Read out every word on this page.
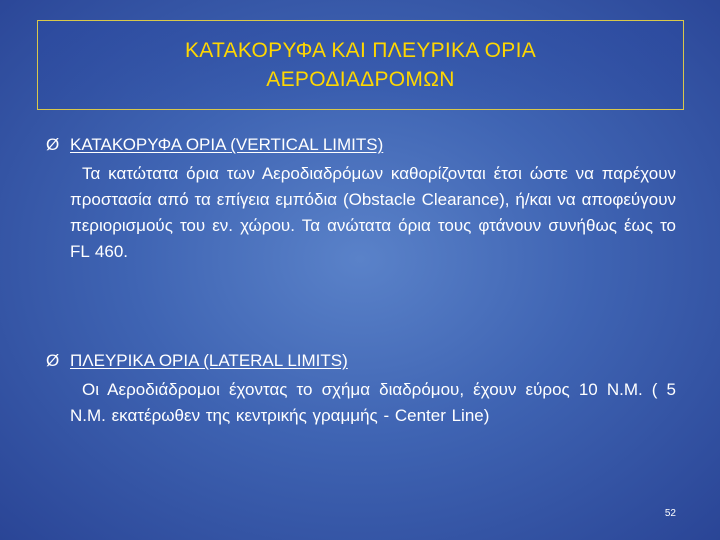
ΚΑΤΑΚΟΡΥΦΑ ΚΑΙ ΠΛΕΥΡΙΚΑ ΟΡΙΑ
ΑΕΡΟΔΙΑΔΡΟΜΩΝ
Ø ΚΑΤΑΚΟΡΥΦΑ ΟΡΙΑ (VERTICAL LIMITS)
Τα κατώτατα όρια των Αεροδιαδρόμων καθορίζονται έτσι ώστε να παρέχουν προστασία από τα επίγεια εμπόδια (Obstacle Clearance), ή/και να αποφεύγουν περιορισμούς του εν. χώρου. Τα ανώτατα όρια τους φτάνουν συνήθως έως το FL 460.
Ø ΠΛΕΥΡΙΚΑ ΟΡΙΑ (LATERAL LIMITS)
Οι Αεροδιάδρομοι έχοντας το σχήμα διαδρόμου, έχουν εύρος 10 N.M. ( 5 N.M. εκατέρωθεν της κεντρικής γραμμής - Center Line)
52
